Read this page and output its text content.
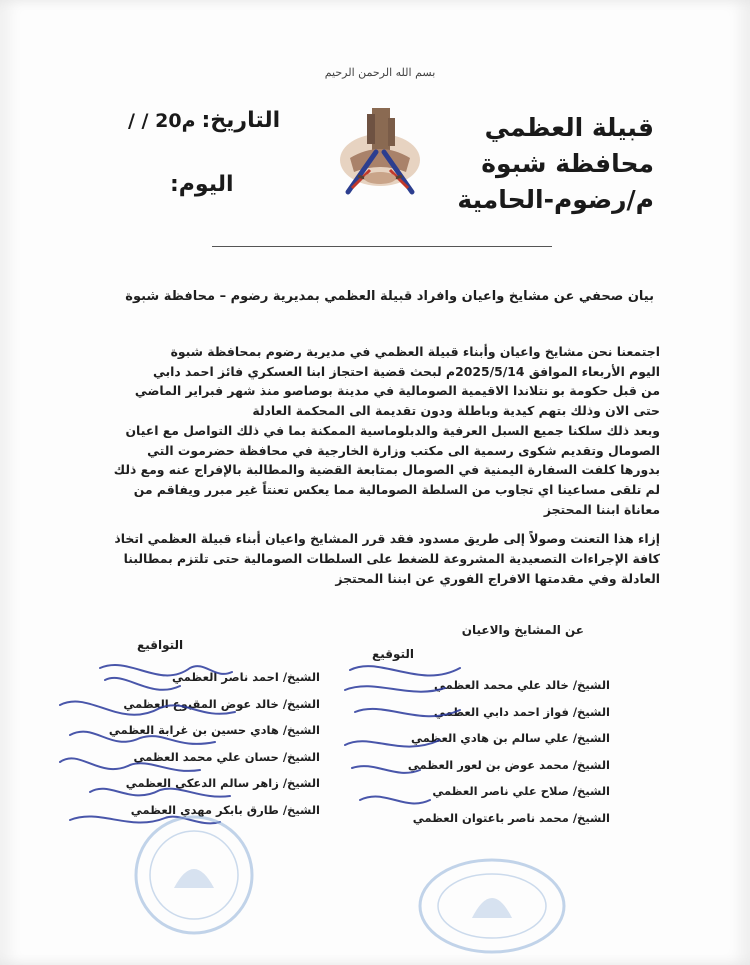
بسم الله الرحمن الرحيم
قبيلة العظمي
محافظة شبوة
م/رضوم-الحامية
التاريخ:
/ / 20م
اليوم:
بيان صحفي عن مشايخ واعيان وافراد قبيلة العظمي بمديرية رضوم – محافظة شبوة

اجتمعنا نحن مشايخ واعيان وأبناء قبيلة العظمي في مديرية رضوم بمحافظة شبوة

اليوم الأربعاء الموافق 2025/5/14م لبحث قضية احتجاز ابنا العسكري فائز احمد دابي

من قبل حكومة بو نتلاندا الاقيمية الصومالية في مدينة بوصاصو منذ شهر فبراير الماضي

حتى الان وذلك بتهم كيدية وباطلة ودون تقديمة الى المحكمة العادلة

وبعد ذلك سلكنا جميع السبل العرفية والدبلوماسية الممكنة بما في ذلك التواصل مع اعيان

الصومال وتقديم شكوى رسمية الى مكتب وزارة الخارجية في محافظة حضرموت التي

بدورها كلفت السفارة اليمنية في الصومال بمتابعة القضية والمطالبة بالإفراج عنه ومع ذلك

لم تلقى مساعينا اي تجاوب من السلطة الصومالية مما يعكس تعنتاً غير مبرر ويفاقم من

معاناة ابننا المحتجز

إزاء هذا التعنت وصولاً إلى طريق مسدود فقد قرر المشايخ واعيان أبناء قبيلة العظمي اتخاذ

كافة الإجراءات التصعيدية المشروعة للضغط على السلطات الصومالية حتى تلتزم بمطالبنا

العادلة وفي مقدمتها الافراج الفوري عن ابننا المحتجز

عن المشايخ والاعيان
التوقيع
التواقيع
الشيخ/ خالد علي محمد العظمي
الشيخ/ فواز احمد دابي العظمي
الشيخ/ علي سالم بن هادي العظمي
الشيخ/ محمد عوض بن لعور العظمي
الشيخ/ صلاح علي ناصر العظمي
الشيخ/ محمد ناصر باعتوان العظمي
الشيخ/ احمد ناصر العظمي
الشيخ/ خالد عوض المقبوع العظمي
الشيخ/ هادي حسين بن غرابة العظمي
الشيخ/ حسان علي محمد العظمي
الشيخ/ زاهر سالم الدعكي العظمي
الشيخ/ طارق بابكر مهدي العظمي
